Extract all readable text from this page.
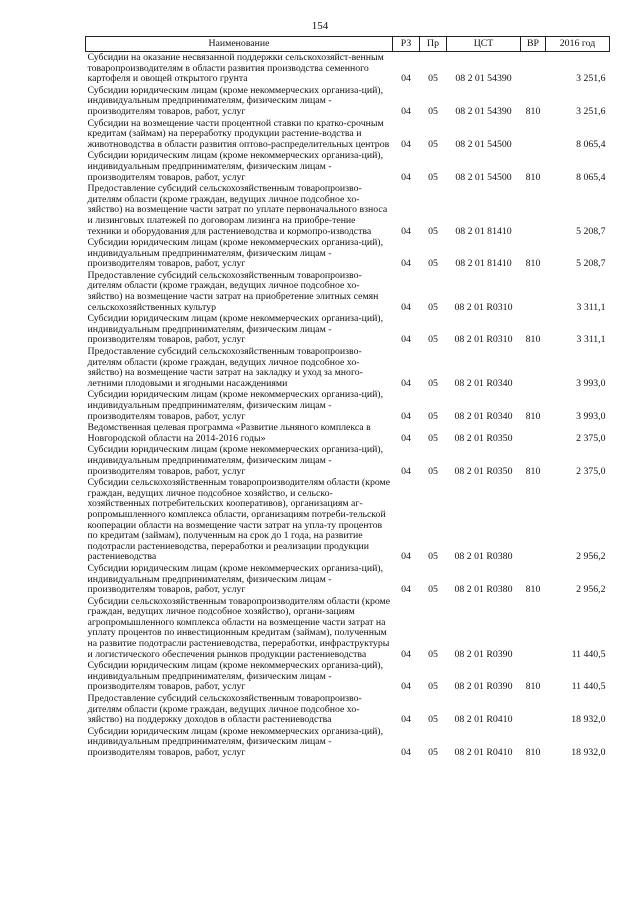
154
Наименование	РЗ	Пр	ЦСТ	ВР	2016 год
Субсидии на оказание несвязанной поддержки сельскохозяйст-венным товаропроизводителям в области развития производства семенного картофеля и овощей открытого грунта	04	05	08 2 01 54390		3 251,6
Субсидии юридическим лицам (кроме некоммерческих организа-ций), индивидуальным предпринимателям, физическим лицам - производителям товаров, работ, услуг	04	05	08 2 01 54390	810	3 251,6
Субсидии на возмещение части процентной ставки по кратко-срочным кредитам (займам) на переработку продукции растение-водства и животноводства в области развития оптово-распределительных центров	04	05	08 2 01 54500		8 065,4
Субсидии юридическим лицам (кроме некоммерческих организа-ций), индивидуальным предпринимателям, физическим лицам - производителям товаров, работ, услуг	04	05	08 2 01 54500	810	8 065,4
Предоставление субсидий сельскохозяйственным товаропроизво-дителям области (кроме граждан, ведущих личное подсобное хо-зяйство) на возмещение части затрат по уплате первоначального взноса и лизинговых платежей по договорам лизинга на приобре-тение техники и оборудования для растениеводства и кормопро-изводства	04	05	08 2 01 81410		5 208,7
Субсидии юридическим лицам (кроме некоммерческих организа-ций), индивидуальным предпринимателям, физическим лицам - производителям товаров, работ, услуг	04	05	08 2 01 81410	810	5 208,7
Предоставление субсидий сельскохозяйственным товаропроизво-дителям области (кроме граждан, ведущих личное подсобное хо-зяйство) на возмещение части затрат на приобретение элитных семян сельскохозяйственных культур	04	05	08 2 01 R0310		3 311,1
Субсидии юридическим лицам (кроме некоммерческих организа-ций), индивидуальным предпринимателям, физическим лицам - производителям товаров, работ, услуг	04	05	08 2 01 R0310	810	3 311,1
Предоставление субсидий сельскохозяйственным товаропроизво-дителям области (кроме граждан, ведущих личное подсобное хо-зяйство) на возмещение части затрат на закладку и уход за много-летними плодовыми и ягодными насаждениями	04	05	08 2 01 R0340		3 993,0
Субсидии юридическим лицам (кроме некоммерческих организа-ций), индивидуальным предпринимателям, физическим лицам - производителям товаров, работ, услуг	04	05	08 2 01 R0340	810	3 993,0
Ведомственная целевая программа «Развитие льняного комплекса в Новгородской области на 2014-2016 годы»	04	05	08 2 01 R0350		2 375,0
Субсидии юридическим лицам (кроме некоммерческих организа-ций), индивидуальным предпринимателям, физическим лицам - производителям товаров, работ, услуг	04	05	08 2 01 R0350	810	2 375,0
Субсидии сельскохозяйственным товаропроизводителям области (кроме граждан, ведущих личное подсобное хозяйство, и сельско-хозяйственных потребительских кооперативов), организациям аг-ропромышленного комплекса области, организациям потреби-тельской кооперации области на возмещение части затрат на упла-ту процентов по кредитам (займам), полученным на срок до 1 года, на развитие подотрасли растениеводства, переработки и реализации продукции растениеводства	04	05	08 2 01 R0380		2 956,2
Субсидии юридическим лицам (кроме некоммерческих организа-ций), индивидуальным предпринимателям, физическим лицам - производителям товаров, работ, услуг	04	05	08 2 01 R0380	810	2 956,2
Субсидии сельскохозяйственным товаропроизводителям области (кроме граждан, ведущих личное подсобное хозяйство), органи-зациям агропромышленного комплекса области на возмещение части затрат на уплату процентов по инвестиционным кредитам (займам), полученным на развитие подотрасли растениеводства, переработки, инфраструктуры и логистического обеспечения рынков продукции растениеводства	04	05	08 2 01 R0390		11 440,5
Субсидии юридическим лицам (кроме некоммерческих организа-ций), индивидуальным предпринимателям, физическим лицам - производителям товаров, работ, услуг	04	05	08 2 01 R0390	810	11 440,5
Предоставление субсидий сельскохозяйственным товаропроизво-дителям области (кроме граждан, ведущих личное подсобное хо-зяйство) на поддержку доходов в области растениеводства	04	05	08 2 01 R0410		18 932,0
Субсидии юридическим лицам (кроме некоммерческих организа-ций), индивидуальным предпринимателям, физическим лицам - производителям товаров, работ, услуг	04	05	08 2 01 R0410	810	18 932,0
